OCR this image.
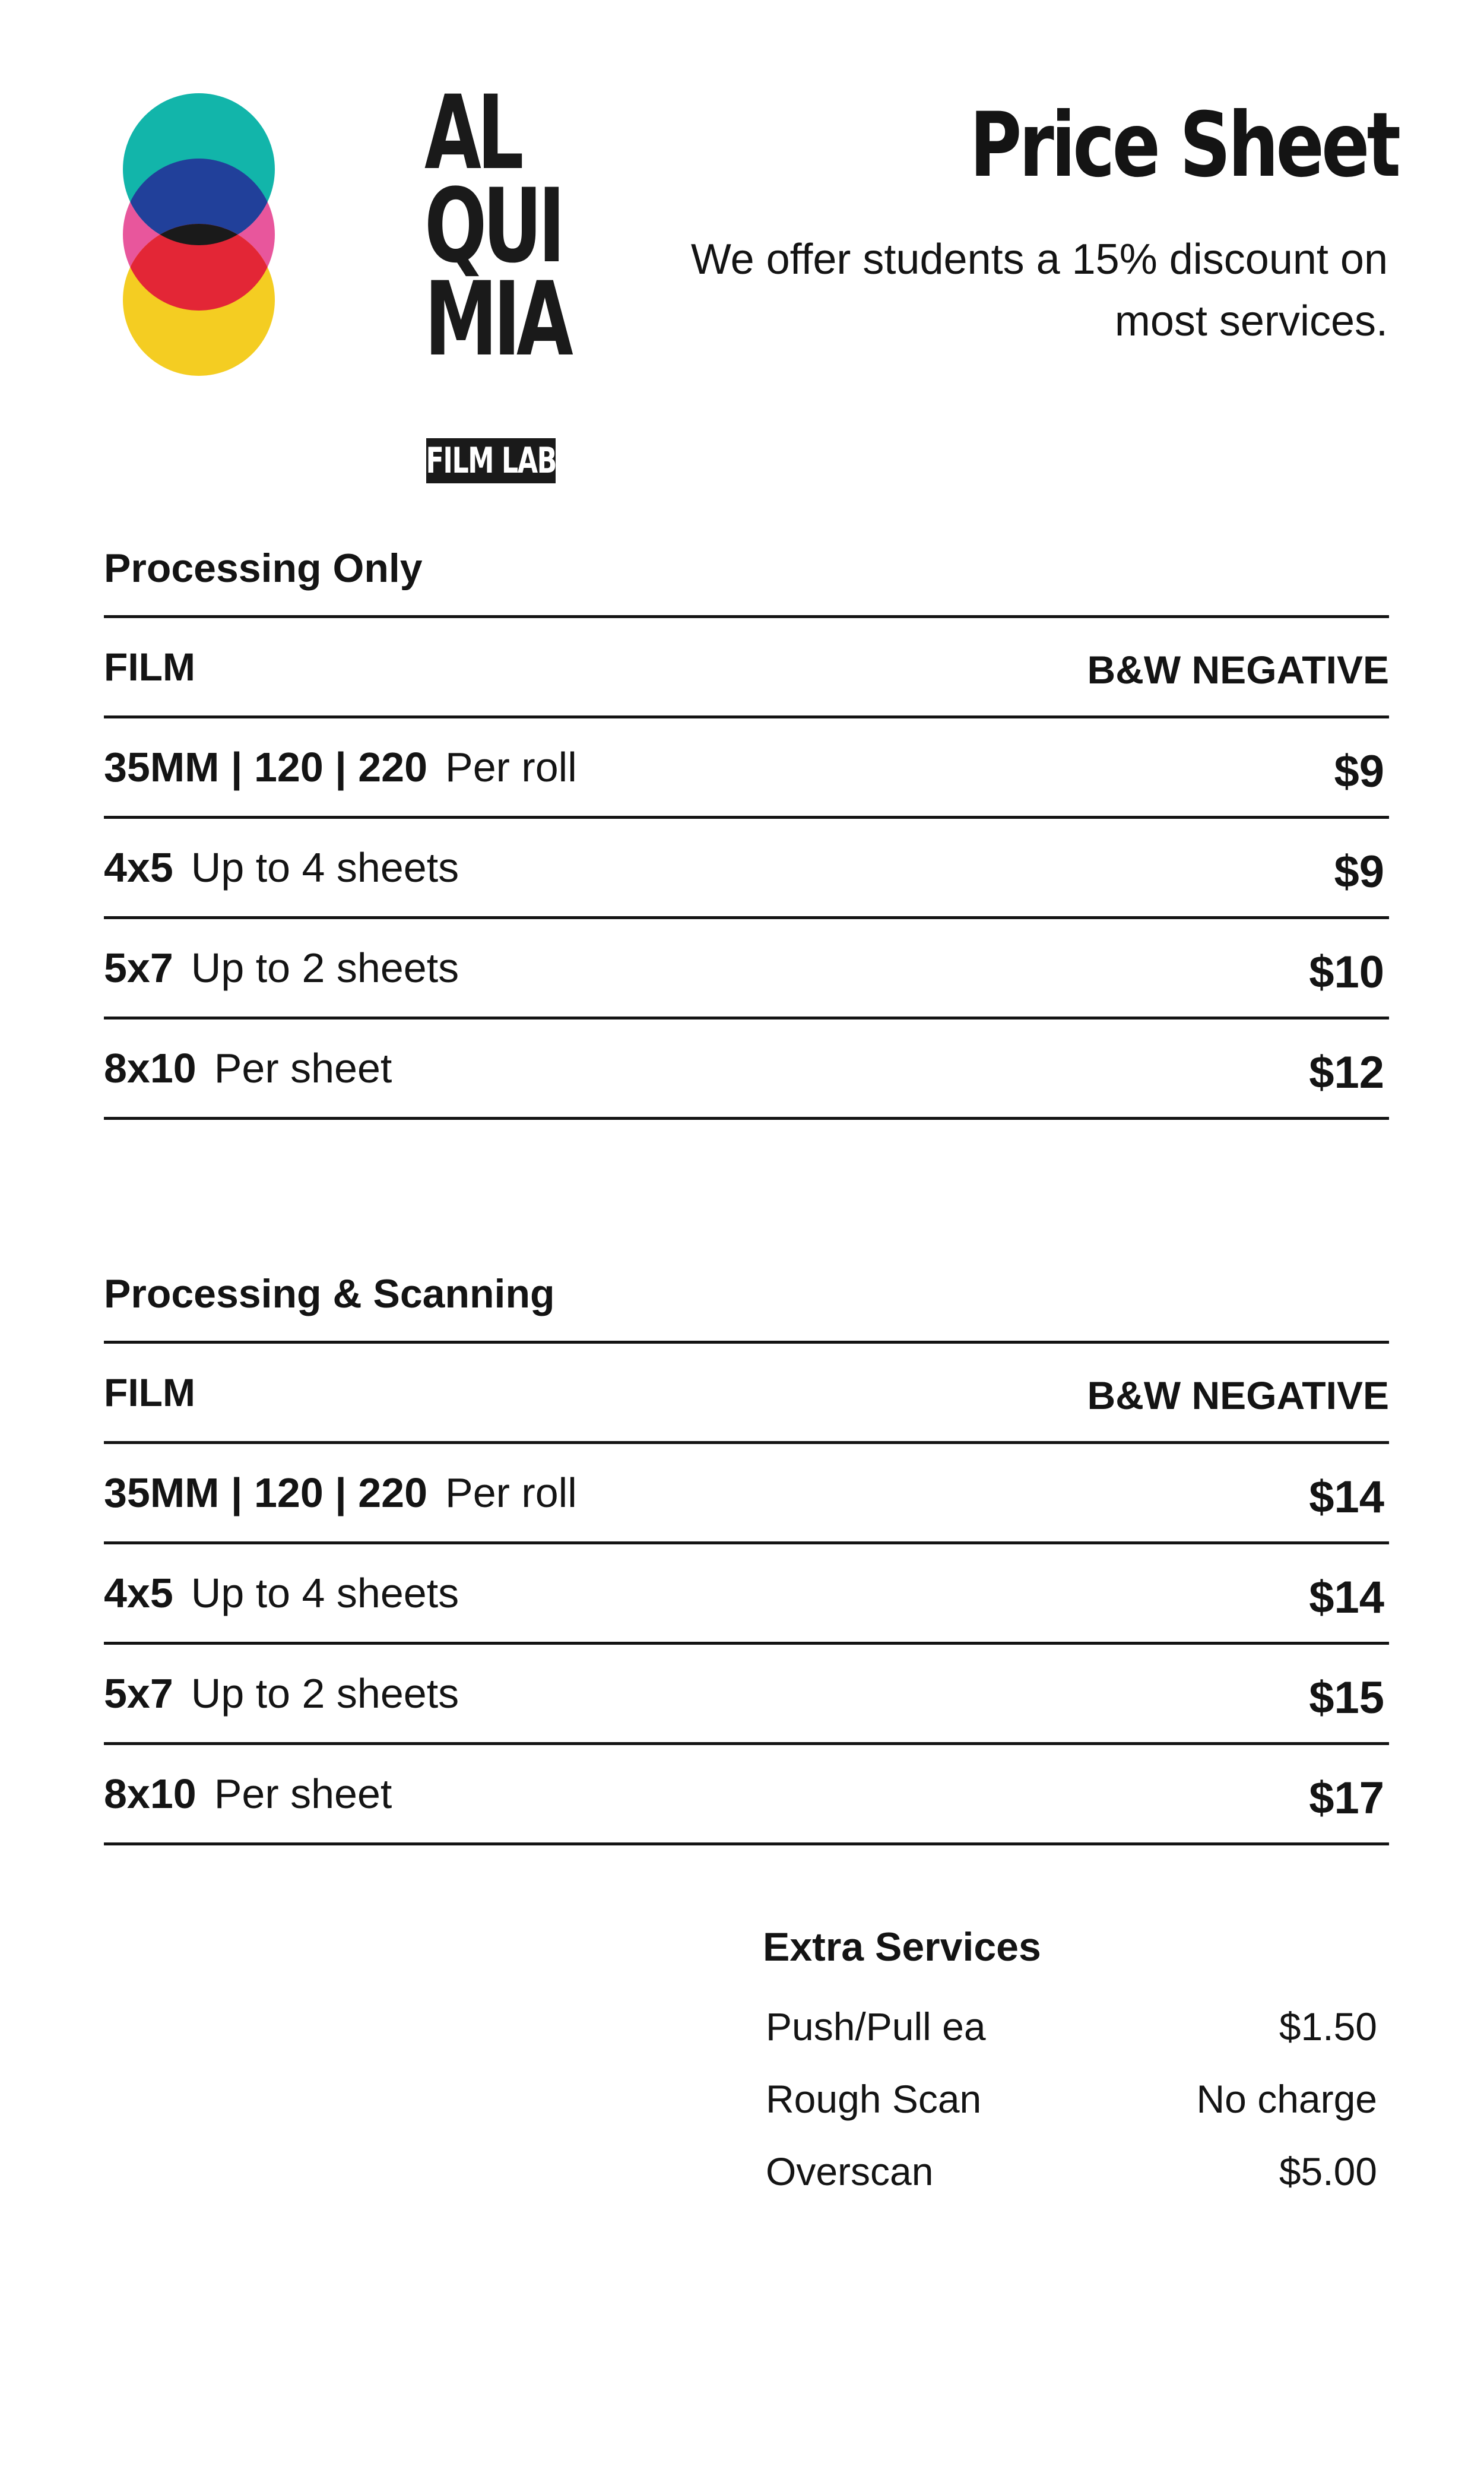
AL
QUI
MIA
FILM LAB
Price Sheet
We offer students a 15% discount on
most services.
Processing Only
FILM	B&W NEGATIVE
35MM | 120 | 220 Per roll	$9
4x5 Up to 4 sheets	$9
5x7 Up to 2 sheets	$10
8x10 Per sheet	$12
Processing & Scanning
FILM	B&W NEGATIVE
35MM | 120 | 220 Per roll	$14
4x5 Up to 4 sheets	$14
5x7 Up to 2 sheets	$15
8x10 Per sheet	$17
Extra Services
Push/Pull ea	$1.50
Rough Scan	No charge
Overscan	$5.00
